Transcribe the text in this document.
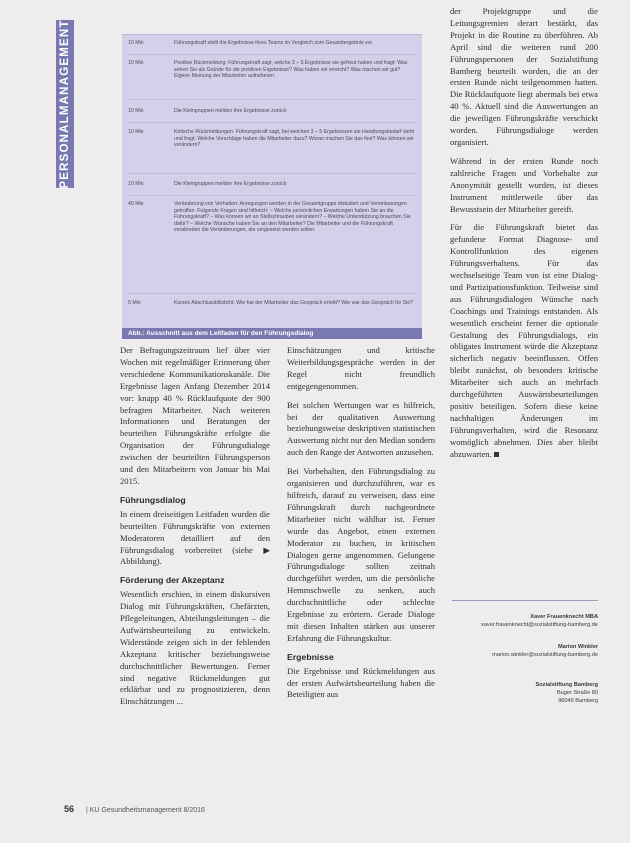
PERSONALMANAGEMENT	10 Min	Führungskraft stellt die Ergebnisse ihres Teams im Vergleich zum Gesamtergebnis vor
10 Min	Positive Rückmeldung: Führungskraft sagt, welche 3 – 5 Ergebnisse sie gefreut haben und fragt: Was sehen Sie als Gründe für die positiven Ergebnisse? Was haben wir erreicht? Was machen wir gut? Eigene Meinung der Mitarbeiter aufnehmen.
10 Min	Die Kleingruppen melden ihre Ergebnisse zurück
10 Min	Kritische Rückmeldungen: Führungskraft sagt, bei welchen 3 – 5 Ergebnissen sie Handlungsbedarf sieht und fragt: Welche Vorschläge haben die Mitarbeiter dazu? Woran machen Sie das fest? Was können wir verändern?
10 Min	Die Kleingruppen melden ihre Ergebnisse zurück
40 Min	Veränderung von Verhalten: Anregungen werden in der Gesamtgruppe diskutiert und Vereinbarungen getroffen. Folgende Fragen sind hilfreich: – Welche persönlichen Erwartungen haben Sie an die Führungskraft? – Was können wir an Stellschrauben verändern? – Welche Unterstützung brauchen Sie dafür? – Welche Wünsche haben Sie an den Mitarbeiter? Die Mitarbeiter und die Führungskraft verabreden die Veränderungen, die umgesetzt werden sollen.
5 Min	Kurzes Abschlussblitzlicht: Wie hat der Mitarbeiter das Gespräch erlebt? Wie war das Gespräch für Sie?
Abb.: Ausschnitt aus dem Leitfaden für den Führungsdialog

Der Befragungszeitraum lief über vier Wochen mit regelmäßiger Erinnerung über verschiedene Kommunikationskanäle. Die Ergebnisse lagen Anfang Dezember 2014 vor: knapp 40 % Rücklaufquote der 900 befragten Mitarbeiter. Nach weiteren Informationen und Beratungen der beurteilten Führungskräfte erfolgte die Organisation der Führungsdialoge zwischen der beurteilten Führungsperson und den Mitarbeitern von Januar bis Mai 2015.

Führungsdialog

In einem dreiseitigen Leitfaden wurden die beurteilten Führungskräfte von externen Moderatoren detailliert auf den Führungsdialog vorbereitet (siehe ▶ Abbildung).

Förderung der Akzeptanz

Wesentlich erschien, in einem diskursiven Dialog mit Führungskräften, Chefärzten, Pflegeleitungen, Abteilungsleitungen – die Aufwärtsbeurteilung zu entwickeln. Widerstände zeigen sich in der fehlenden Akzeptanz kritischer beziehungsweise durchschnittlicher Bewertungen. Ferner sind negative Rückmeldungen gut erklärbar und zu prognostizieren, denn Einschätzungen ...

Einschätzungen und kritische Weiterbildungsgespräche werden in der Regel nicht freundlich entgegengenommen.

Bei solchen Wertungen war es hilfreich, bei der qualitativen Auswertung beziehungsweise deskriptiven statistischen Auswertung nicht nur den Median sondern auch den Range der Antworten anzusehen.

Bei Vorbehalten, den Führungsdialog zu organisieren und durchzuführen, war es hilfreich, darauf zu verweisen, dass eine Führungskraft durch nachgeordnete Mitarbeiter nicht wählbar ist. Ferner wurde das Angebot, einen externen Moderator zu buchen, in kritischen Dialogen gerne angenommen. Gelungene Führungsdialoge sollten zeitnah durchgeführt werden, um die persönliche Hemmschwelle zu senken, auch durchschnittliche oder schlechte Ergebnisse zu erörtern. Gerade Dialoge mit diesen Inhalten stärken aus unserer Erfahrung die Führungskultur.

Ergebnisse

Die Ergebnisse und Rückmeldungen aus der ersten Aufwärtsbeurteilung haben die Beteiligten aus

der Projektgruppe und die Leitungsgremien derart bestärkt, das Projekt in die Routine zu überführen. Ab April sind die weiteren rund 200 Führungspersonen der Sozialstiftung Bamberg beurteilt worden, die an der ersten Runde nicht teilgenommen hatten. Die Rücklaufquote liegt abermals bei etwa 40 %. Aktuell sind die Auswertungen an die jeweiligen Führungskräfte verschickt worden. Führungsdialoge werden organisiert.

Während in der ersten Runde noch zahlreiche Fragen und Vorbehalte zur Anonymität gestellt wurden, ist dieses Instrument mittlerweile über das Bewusstsein der Mitarbeiter gereift.

Für die Führungskraft bietet das gefundene Format Diagnose- und Kontrollfunktion des eigenen Führungsverhaltens. Für das wechselseitige Team von ist eine Dialog- und Partizipationsfunktion. Teilweise sind aus Führungsdialogen Wünsche nach Coachings und Trainings entstanden. Als wesentlich erscheint ferner die optionale Gestaltung des Führungsdialogs, ein obligates Instrument würde die Akzeptanz sicherlich negativ beeinflussen. Offen bleibt zunächst, ob besonders kritische Mitarbeiter sich auch an mehrfach durchgeführten Auswärtsbeurteilungen positiv beteiligen. Sofern diese keine nachhaltigen Änderungen im Führungsverhalten, wird die Resonanz womöglich abnehmen. Dies aber bleibt abzuwarten.

Xaver Frauenknecht MBA
xaver.frauenknecht@sozialstiftung-bamberg.de
Marion Winkler
marion.winkler@sozialstiftung-bamberg.de
Sozialstiftung Bamberg
Buger Straße 80
96049 Bamberg
56 | KU Gesundheitsmanagement 8/2016
